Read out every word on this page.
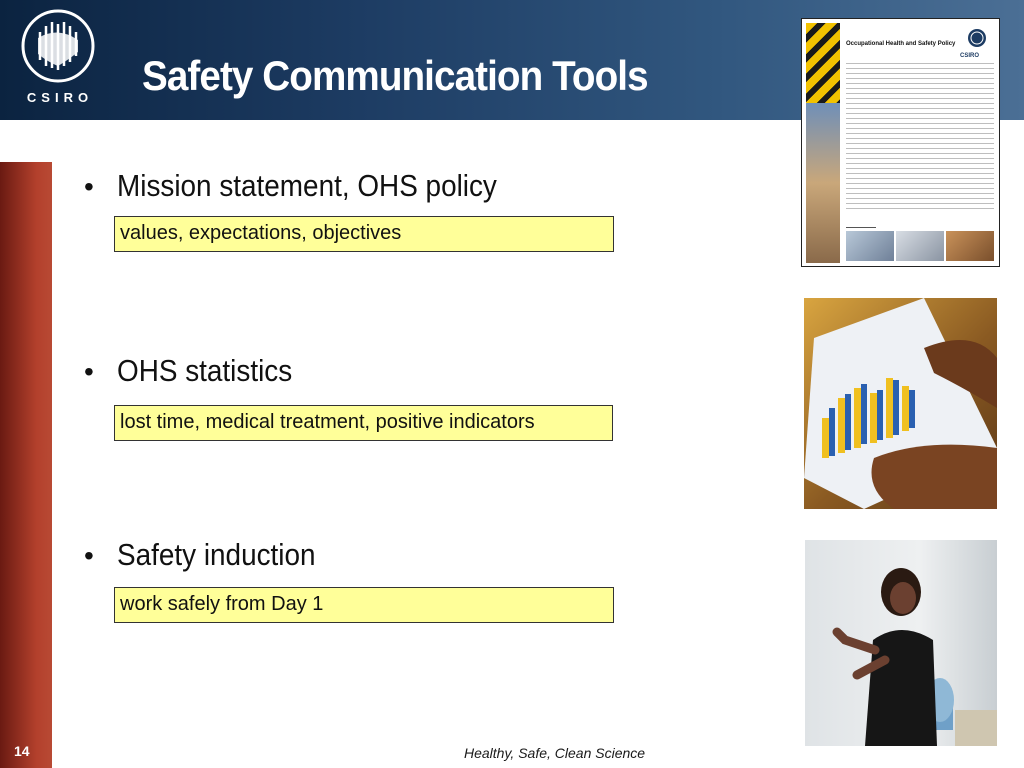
CSIRO Safety Communication Tools
• Mission statement, OHS policy
values, expectations, objectives
• OHS statistics
lost time, medical treatment, positive indicators
• Safety induction
work safely from Day 1
Occupational Health and Safety Policy
CSIRO
14	Healthy, Safe, Clean Science
